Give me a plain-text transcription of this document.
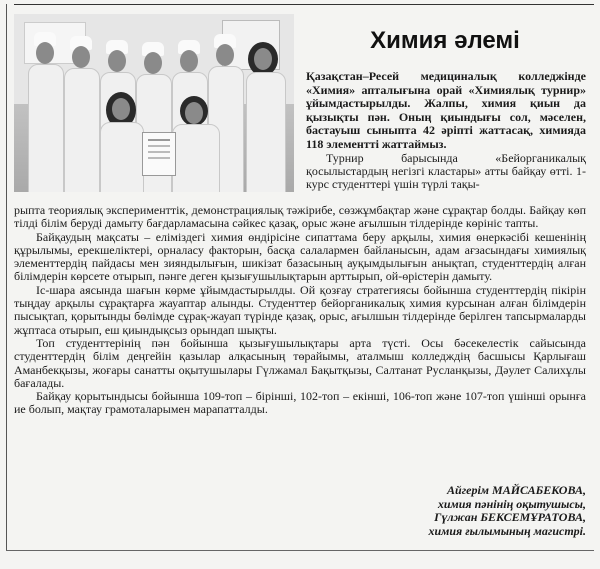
Химия әлемі

Қазақстан–Ресей медициналық колледжінде «Химия» апталығына орай «Химиялық турнир» ұйымдастырылды. Жалпы, химия қиын да қызықты пән. Оның қиындығы сол, мәселен, бастауыш сыныпта 42 әріпті жаттасақ, химияда 118 элементті жаттаймыз.

Турнир барысында «Бейорганикалық қосылыстардың негізгі кластары» атты байқау өтті. 1-курс студенттері үшін түрлі тақы-

рыпта теориялық эксперименттік, демонстрациялық тәжірибе, сөзжұмбақтар және сұрақтар болды. Байқау көп тілді білім беруді дамыту бағдарламасына сәйкес қазақ, орыс және ағылшын тілдерінде көрініс тапты.

Байқаудың мақсаты – еліміздегі химия өндірісіне сипаттама беру арқылы, химия өнеркәсібі кешенінің құрылымы, ерекшеліктері, орналасу факторын, басқа салалармен байланысын, адам ағзасындағы химиялық элементтердің пайдасы мен зияндылығын, шикізат базасының ауқымдылығын анықтап, студенттердің алған білімдерін көрсете отырып, пәнге деген қызығушылықтарын арттырып, ой-өрістерін дамыту.

Іс-шара аясында шағын көрме ұйымдастырылды. Ой қозғау стратегиясы бойынша студенттердің пікірін тыңдау арқылы сұрақтарға жауаптар алынды. Студенттер бейорганикалық химия курсынан алған білімдерін пысықтап, қорытынды бөлімде сұрақ-жауап түрінде қазақ, орыс, ағылшын тілдерінде берілген тапсырмаларды жұптаса отырып, еш қиындықсыз орындап шықты.

Топ студенттерінің пән бойынша қызығушылықтары арта түсті. Осы бәсекелестік сайысында студенттердің білім деңгейін қазылар алқасының төрайымы, аталмыш колледждің басшысы Қарлығаш Аманбекқызы, жоғары санатты оқытушылары Гүлжамал Бақытқызы, Салтанат Русланқызы, Дәулет Салихұлы бағалады.

Байқау қорытындысы бойынша 109-топ – бірінші, 102-топ – екінші, 106-топ және 107-топ үшінші орынға ие болып, мақтау грамоталарымен марапатталды.

Айгерім МАЙСАБЕКОВА,
химия пәнінің оқытушысы,
Гүлжан БЕКСЕМҰРАТОВА,
химия ғылымының магистрі.
